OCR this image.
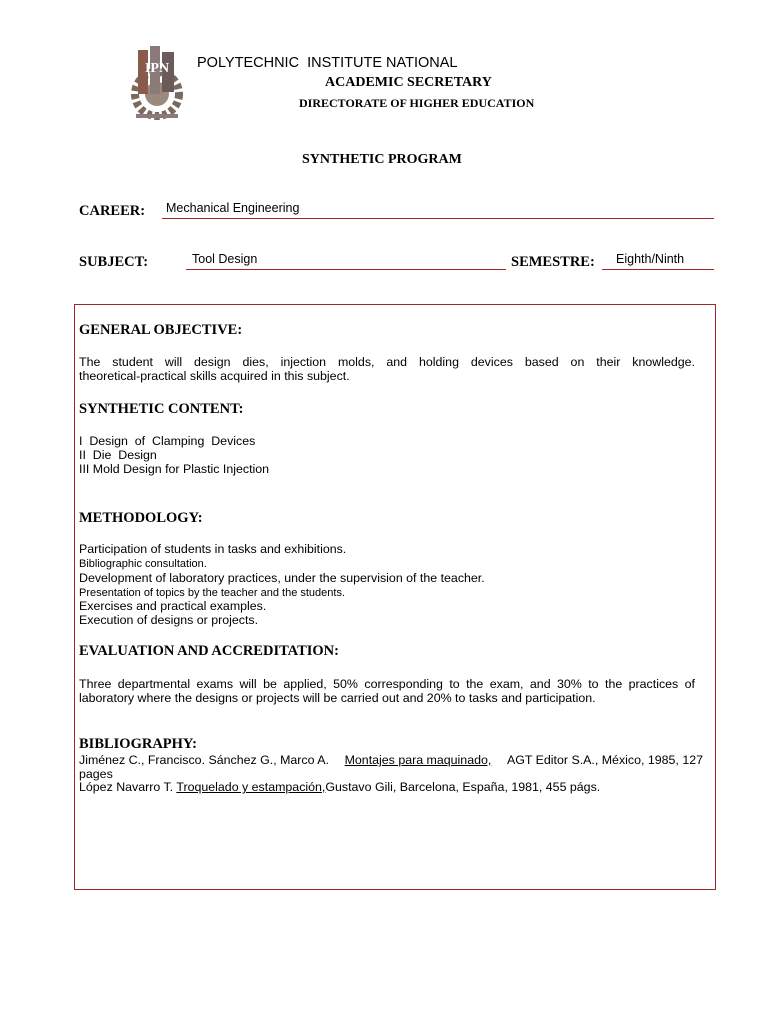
IPN POLYTECHNIC  INSTITUTE NATIONAL
ACADEMIC SECRETARY
DIRECTORATE OF HIGHER EDUCATION
SYNTHETIC PROGRAM
CAREER: Mechanical Engineering
SUBJECT:	Tool Design	SEMESTRE: Eighth/Ninth
GENERAL OBJECTIVE:
The student will design dies, injection molds, and holding devices based on their knowledge.
theoretical-practical skills acquired in this subject.
SYNTHETIC CONTENT:
I  Design  of  Clamping  Devices
II  Die  Design
III Mold Design for Plastic Injection
METHODOLOGY:
Participation of students in tasks and exhibitions.
Bibliographic consultation.
Development of laboratory practices, under the supervision of the teacher.
Presentation of topics by the teacher and the students.
Exercises and practical examples.
Execution of designs or projects.
EVALUATION AND ACCREDITATION:
Three departmental exams will be applied, 50% corresponding to the exam, and 30% to the practices of
laboratory where the designs or projects will be carried out and 20% to tasks and participation.
BIBLIOGRAPHY:
Jiménez C., Francisco. Sánchez G., Marco A. Montajes para maquinado, AGT Editor S.A., México, 1985, 127
pages
López Navarro T. Troquelado y estampación,Gustavo Gili, Barcelona, España, 1981, 455 págs.
